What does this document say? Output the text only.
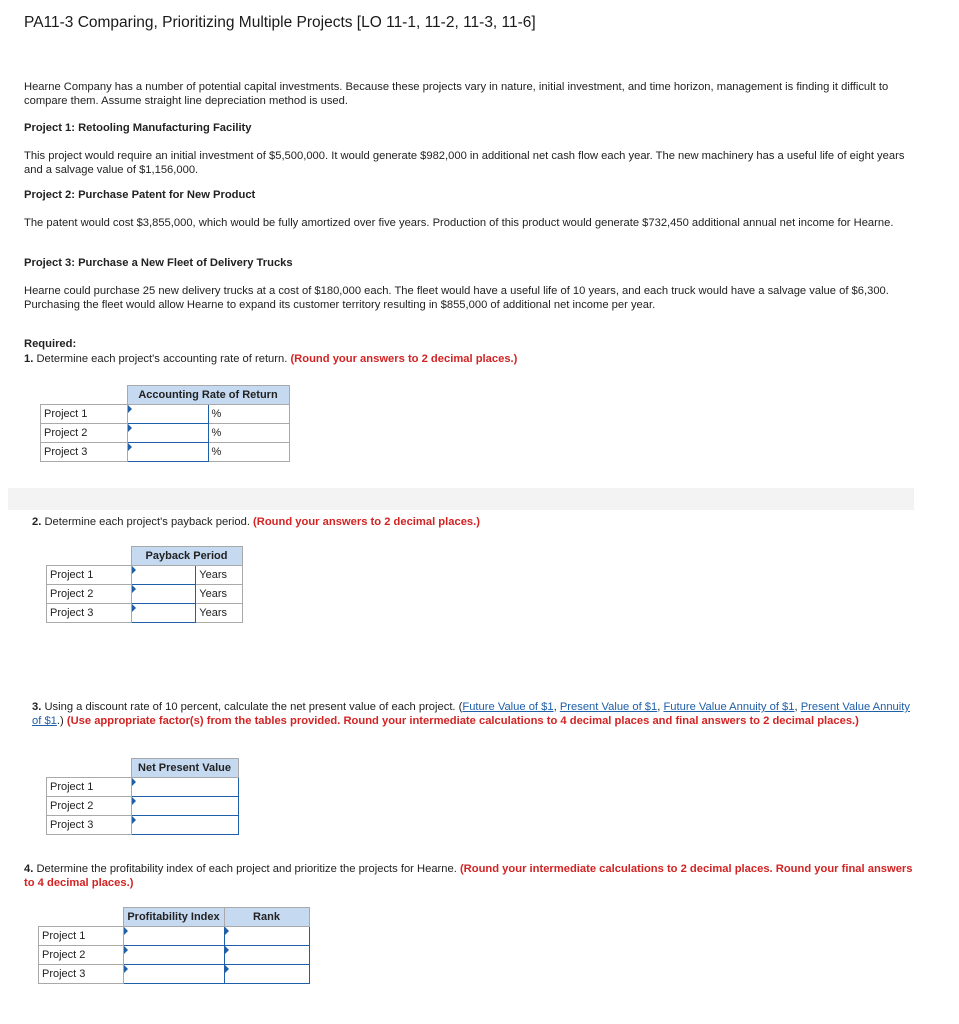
PA11-3 Comparing, Prioritizing Multiple Projects [LO 11-1, 11-2, 11-3, 11-6]

Hearne Company has a number of potential capital investments. Because these projects vary in nature, initial investment, and time horizon, management is finding it difficult to compare them. Assume straight line depreciation method is used.

Project 1: Retooling Manufacturing Facility

This project would require an initial investment of $5,500,000. It would generate $982,000 in additional net cash flow each year. The new machinery has a useful life of eight years and a salvage value of $1,156,000.

Project 2: Purchase Patent for New Product

The patent would cost $3,855,000, which would be fully amortized over five years. Production of this product would generate $732,450 additional annual net income for Hearne.

Project 3: Purchase a New Fleet of Delivery Trucks

Hearne could purchase 25 new delivery trucks at a cost of $180,000 each. The fleet would have a useful life of 10 years, and each truck would have a salvage value of $6,300. Purchasing the fleet would allow Hearne to expand its customer territory resulting in $855,000 of additional net income per year.

Required:

1. Determine each project's accounting rate of return. (Round your answers to 2 decimal places.)

	Accounting Rate of Return	
Project 1		%
Project 2		%
Project 3		%

2. Determine each project's payback period. (Round your answers to 2 decimal places.)

	Payback Period	
Project 1		Years
Project 2		Years
Project 3		Years

3. Using a discount rate of 10 percent, calculate the net present value of each project. (Future Value of $1, Present Value of $1, Future Value Annuity of $1, Present Value Annuity of $1.) (Use appropriate factor(s) from the tables provided. Round your intermediate calculations to 4 decimal places and final answers to 2 decimal places.)

	Net Present Value
Project 1	

Project 2	

Project 3	

4. Determine the profitability index of each project and prioritize the projects for Hearne. (Round your intermediate calculations to 2 decimal places. Round your final answers to 4 decimal places.)

	Profitability Index	Rank
Project 1	

Project 2	

Project 3	
